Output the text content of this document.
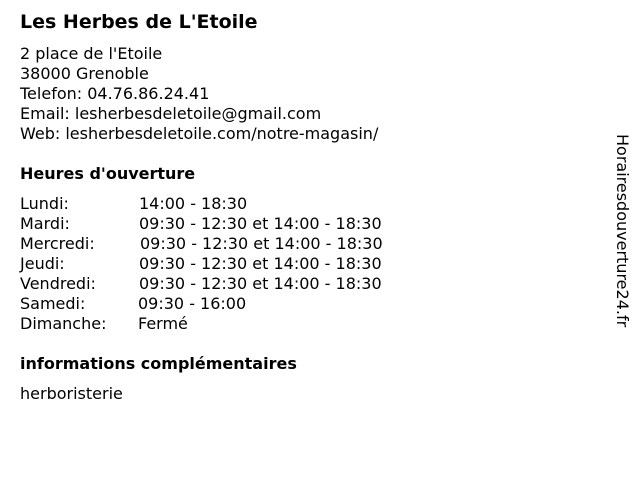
Les Herbes de L'Etoile
2 place de l'Etoile
38000 Grenoble
Telefon: 04.76.86.24.41
Email: lesherbesdeletoile@gmail.com
Web: lesherbesdeletoile.com/notre-magasin/
Heures d'ouverture
Lundi:	14:00 - 18:30
Mardi:	09:30 - 12:30 et 14:00 - 18:30
Mercredi:	09:30 - 12:30 et 14:00 - 18:30
Jeudi:	09:30 - 12:30 et 14:00 - 18:30
Vendredi:	09:30 - 12:30 et 14:00 - 18:30
Samedi:	09:30 - 16:00
Dimanche: Fermé
informations complémentaires
herboristerie
Horairesdouverture24.fr
